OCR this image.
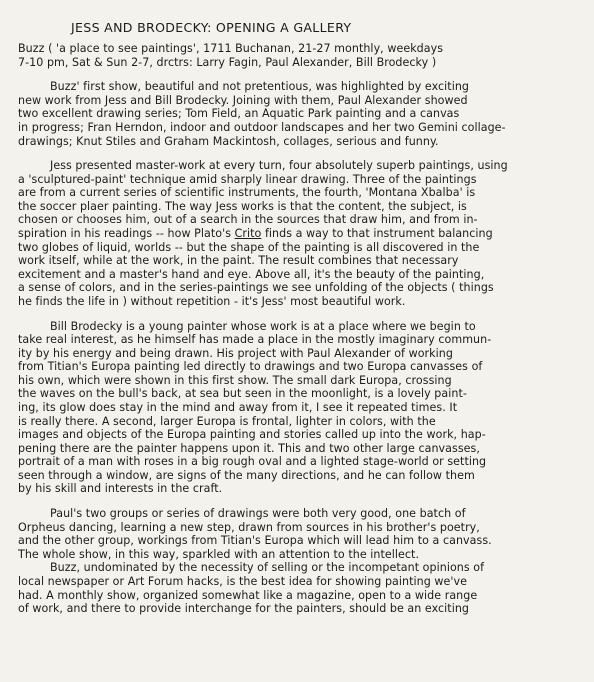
JESS AND BRODECKY: OPENING A GALLERY
Buzz ( 'a place to see paintings', 1711 Buchanan, 21-27 monthly, weekdays
7-10 pm, Sat & Sun 2-7, drctrs: Larry Fagin, Paul Alexander, Bill Brodecky )
Buzz' first show, beautiful and not pretentious, was highlighted by exciting
new work from Jess and Bill Brodecky. Joining with them, Paul Alexander showed
two excellent drawing series; Tom Field, an Aquatic Park painting and a canvas
in progress; Fran Herndon, indoor and outdoor landscapes and her two Gemini collage-
drawings; Knut Stiles and Graham Mackintosh, collages, serious and funny.
Jess presented master-work at every turn, four absolutely superb paintings, using
a 'sculptured-paint' technique amid sharply linear drawing. Three of the paintings
are from a current series of scientific instruments, the fourth, 'Montana Xbalba' is
the soccer plaer painting. The way Jess works is that the content, the subject, is
chosen or chooses him, out of a search in the sources that draw him, and from in-
spiration in his readings -- how Plato's Crito finds a way to that instrument balancing
two globes of liquid, worlds -- but the shape of the painting is all discovered in the
work itself, while at the work, in the paint. The result combines that necessary
excitement and a master's hand and eye. Above all, it's the beauty of the painting,
a sense of colors, and in the series-paintings we see unfolding of the objects ( things
he finds the life in ) without repetition - it's Jess' most beautiful work.
Bill Brodecky is a young painter whose work is at a place where we begin to
take real interest, as he himself has made a place in the mostly imaginary commun-
ity by his energy and being drawn. His project with Paul Alexander of working
from Titian's Europa painting led directly to drawings and two Europa canvasses of
his own, which were shown in this first show. The small dark Europa, crossing
the waves on the bull's back, at sea but seen in the moonlight, is a lovely paint-
ing, its glow does stay in the mind and away from it, I see it repeated times. It
is really there. A second, larger Europa is frontal, lighter in colors, with the
images and objects of the Europa painting and stories called up into the work, hap-
pening there are the painter happens upon it. This and two other large canvasses,
portrait of a man with roses in a big rough oval and a lighted stage-world or setting
seen through a window, are signs of the many directions, and he can follow them
by his skill and interests in the craft.
Paul's two groups or series of drawings were both very good, one batch of
Orpheus dancing, learning a new step, drawn from sources in his brother's poetry,
and the other group, workings from Titian's Europa which will lead him to a canvass.
The whole show, in this way, sparkled with an attention to the intellect.
Buzz, undominated by the necessity of selling or the incompetant opinions of
local newspaper or Art Forum hacks, is the best idea for showing painting we've
had. A monthly show, organized somewhat like a magazine, open to a wide range
of work, and there to provide interchange for the painters, should be an exciting
